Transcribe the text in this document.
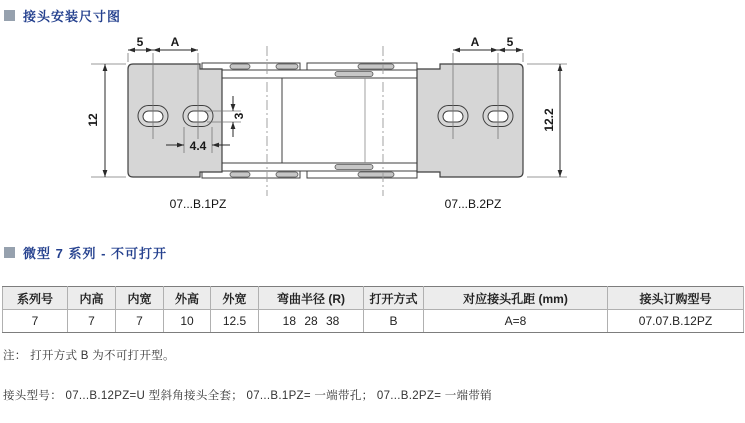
接头安装尺寸图
5 A	A 5
12	12.2
4.4
3
07...B.1PZ	07...B.2PZ
微型 7 系列 - 不可打开
系列号	内高	内宽	外高	外宽	弯曲半径 (R)	打开方式	对应接头孔距 (mm)	接头订购型号
7	7	7	10	12.5	18 28 38	B	A=8	07.07.B.12PZ
注： 打开方式 B 为不可打开型。
接头型号： 07...B.12PZ=U 型斜角接头全套； 07...B.1PZ= 一端带孔； 07...B.2PZ= 一端带销
